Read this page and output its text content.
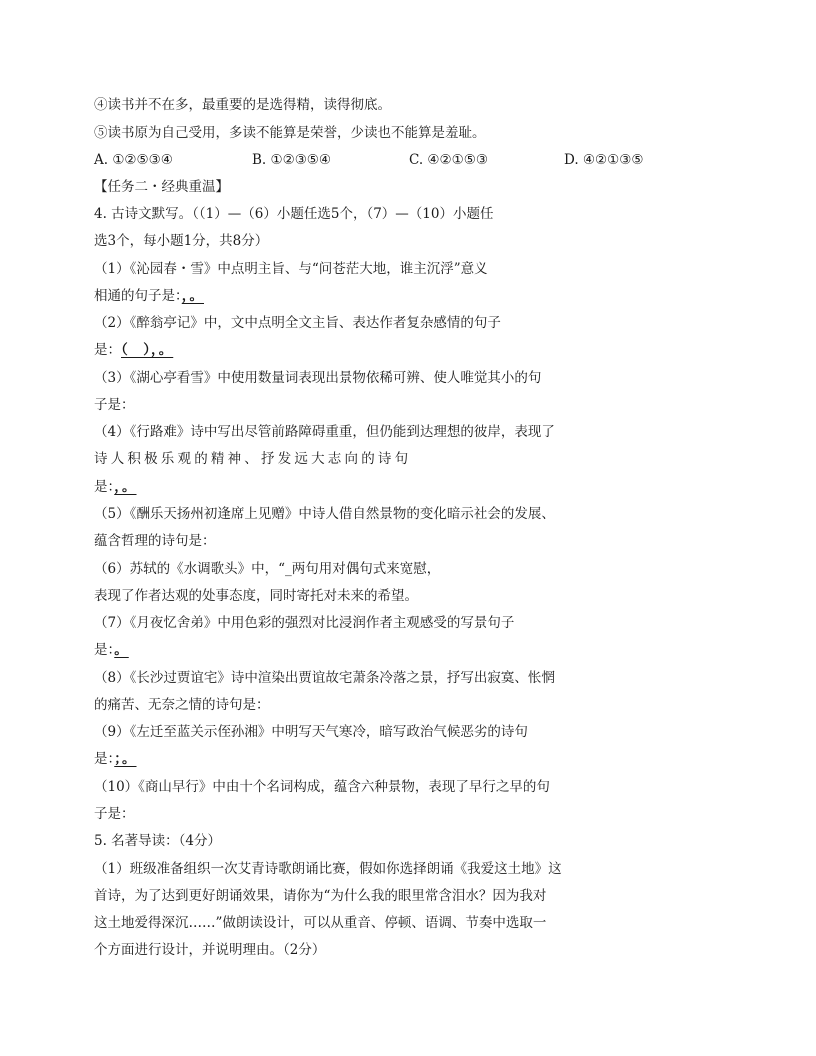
④读书并不在多，最重要的是选得精，读得彻底。
⑤读书原为自己受用，多读不能算是荣誉，少读也不能算是羞耻。
A. ①②⑤③④	B. ①②③⑤④	C. ④②①⑤③	D. ④②①③⑤
【任务二・经典重温】
4. 古诗文默写。（（1）—（6）小题任选5个，（7）—（10）小题任
选3个，每小题1分，共8分）
（1）《沁园春・雪》中点明主旨、与“问苍茫大地，谁主沉浮”意义
相通的句子是：，。
（2）《醉翁亭记》中，文中点明全文主旨、表达作者复杂感情的句子
是：（　），。
（3）《湖心亭看雪》中使用数量词表现出景物依稀可辨、使人唯觉其小的句
子是：
（4）《行路难》诗中写出尽管前路障碍重重，但仍能到达理想的彼岸，表现了
诗人积极乐观的精神、抒发远大志向的诗句
是：，。
（5）《酬乐天扬州初逢席上见赠》中诗人借自然景物的变化暗示社会的发展、
蕴含哲理的诗句是：
（6）苏轼的《水调歌头》中，“_两句用对偶句式来宽慰，
表现了作者达观的处事态度，同时寄托对未来的希望。
（7）《月夜忆舍弟》中用色彩的强烈对比浸润作者主观感受的写景句子
是：。
（8）《长沙过贾谊宅》诗中渲染出贾谊故宅萧条冷落之景，抒写出寂寞、怅惘
的痛苦、无奈之情的诗句是：
（9）《左迁至蓝关示侄孙湘》中明写天气寒冷，暗写政治气候恶劣的诗句
是：；。
（10）《商山早行》中由十个名词构成，蕴含六种景物，表现了早行之早的句
子是：
5. 名著导读：（4分）
（1）班级准备组织一次艾青诗歌朗诵比赛，假如你选择朗诵《我爱这土地》这
首诗，为了达到更好朗诵效果，请你为“为什么我的眼里常含泪水？因为我对
这土地爱得深沉……”做朗读设计，可以从重音、停顿、语调、节奏中选取一
个方面进行设计，并说明理由。（2分）
